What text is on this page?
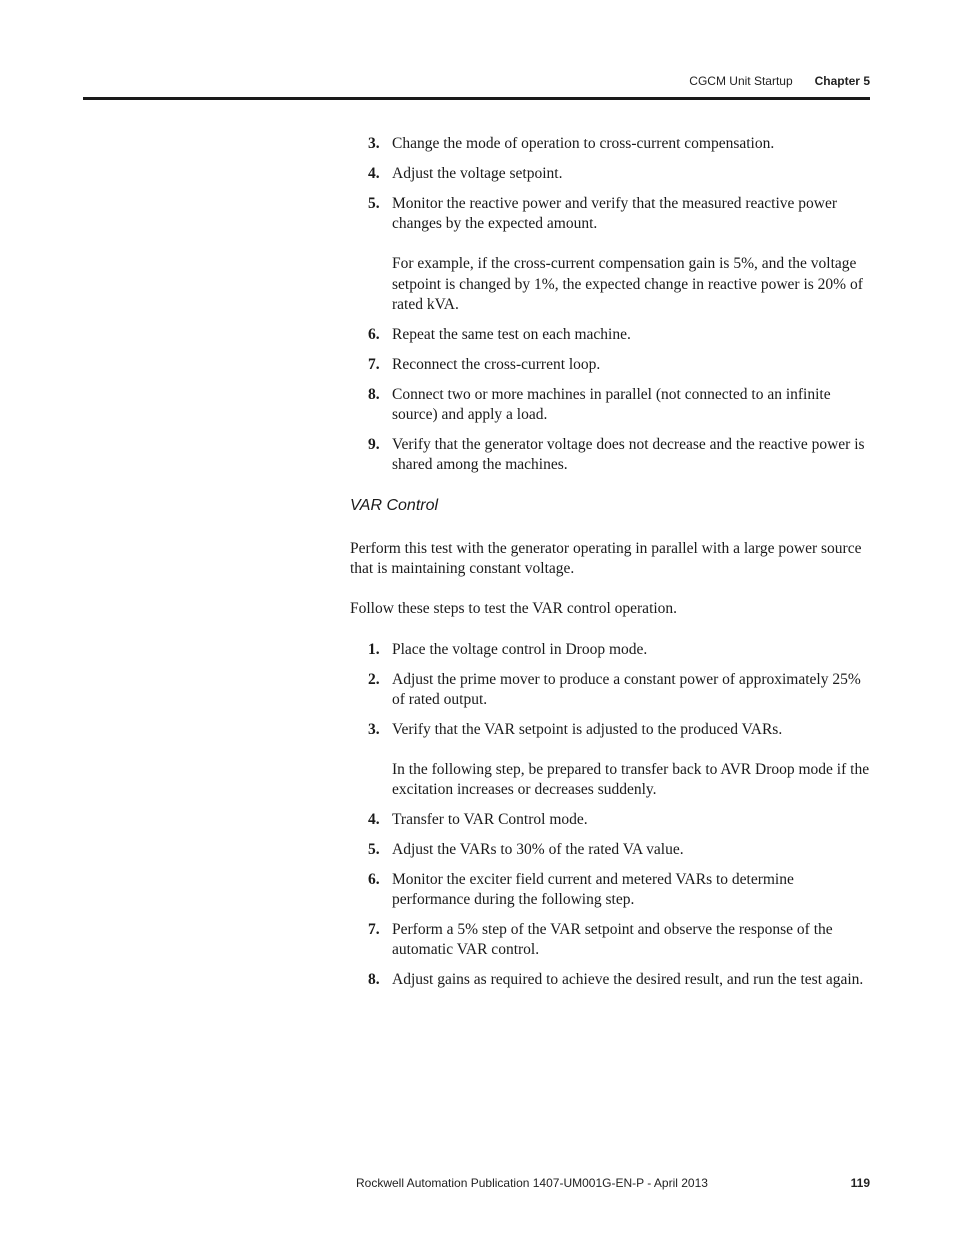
CGCM Unit Startup Chapter 5
3. Change the mode of operation to cross-current compensation.
4. Adjust the voltage setpoint.
5. Monitor the reactive power and verify that the measured reactive power changes by the expected amount.
For example, if the cross-current compensation gain is 5%, and the voltage setpoint is changed by 1%, the expected change in reactive power is 20% of rated kVA.
6. Repeat the same test on each machine.
7. Reconnect the cross-current loop.
8. Connect two or more machines in parallel (not connected to an infinite source) and apply a load.
9. Verify that the generator voltage does not decrease and the reactive power is shared among the machines.
VAR Control

Perform this test with the generator operating in parallel with a large power source that is maintaining constant voltage.

Follow these steps to test the VAR control operation.

1. Place the voltage control in Droop mode.
2. Adjust the prime mover to produce a constant power of approximately 25% of rated output.
3. Verify that the VAR setpoint is adjusted to the produced VARs.
In the following step, be prepared to transfer back to AVR Droop mode if the excitation increases or decreases suddenly.
4. Transfer to VAR Control mode.
5. Adjust the VARs to 30% of the rated VA value.
6. Monitor the exciter field current and metered VARs to determine performance during the following step.
7. Perform a 5% step of the VAR setpoint and observe the response of the automatic VAR control.
8. Adjust gains as required to achieve the desired result, and run the test again.
Rockwell Automation Publication 1407-UM001G-EN-P - April 2013	119
